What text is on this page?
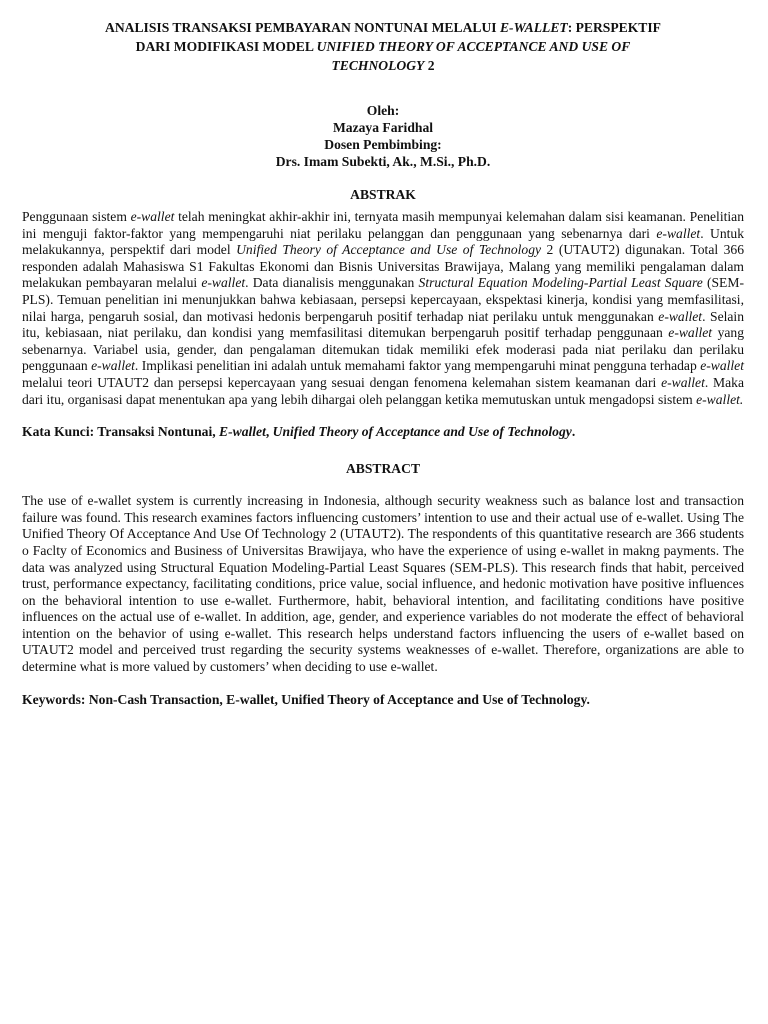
ANALISIS TRANSAKSI PEMBAYARAN NONTUNAI MELALUI E-WALLET: PERSPEKTIF
DARI MODIFIKASI MODEL UNIFIED THEORY OF ACCEPTANCE AND USE OF
TECHNOLOGY 2
Oleh:
Mazaya Faridhal
Dosen Pembimbing:
Drs. Imam Subekti, Ak., M.Si., Ph.D.
ABSTRAK

Penggunaan sistem e-wallet telah meningkat akhir-akhir ini, ternyata masih mempunyai kelemahan dalam sisi keamanan. Penelitian ini menguji faktor-faktor yang mempengaruhi niat perilaku pelanggan dan penggunaan yang sebenarnya dari e-wallet. Untuk melakukannya, perspektif dari model Unified Theory of Acceptance and Use of Technology 2 (UTAUT2) digunakan. Total 366 responden adalah Mahasiswa S1 Fakultas Ekonomi dan Bisnis Universitas Brawijaya, Malang yang memiliki pengalaman dalam melakukan pembayaran melalui e-wallet. Data dianalisis menggunakan Structural Equation Modeling-Partial Least Square (SEM-PLS). Temuan penelitian ini menunjukkan bahwa kebiasaan, persepsi kepercayaan, ekspektasi kinerja, kondisi yang memfasilitasi, nilai harga, pengaruh sosial, dan motivasi hedonis berpengaruh positif terhadap niat perilaku untuk menggunakan e-wallet. Selain itu, kebiasaan, niat perilaku, dan kondisi yang memfasilitasi ditemukan berpengaruh positif terhadap penggunaan e-wallet yang sebenarnya. Variabel usia, gender, dan pengalaman ditemukan tidak memiliki efek moderasi pada niat perilaku dan perilaku penggunaan e-wallet. Implikasi penelitian ini adalah untuk memahami faktor yang mempengaruhi minat pengguna terhadap e-wallet melalui teori UTAUT2 dan persepsi kepercayaan yang sesuai dengan fenomena kelemahan sistem keamanan dari e-wallet. Maka dari itu, organisasi dapat menentukan apa yang lebih dihargai oleh pelanggan ketika memutuskan untuk mengadopsi sistem e-wallet.

Kata Kunci: Transaksi Nontunai, E-wallet, Unified Theory of Acceptance and Use of Technology.

ABSTRACT

The use of e-wallet system is currently increasing in Indonesia, although security weakness such as balance lost and transaction failure was found. This research examines factors influencing customers’ intention to use and their actual use of e-wallet. Using The Unified Theory Of Acceptance And Use Of Technology 2 (UTAUT2). The respondents of this quantitative research are 366 students o Faclty of Economics and Business of Universitas Brawijaya, who have the experience of using e-wallet in makng payments. The data was analyzed using Structural Equation Modeling-Partial Least Squares (SEM-PLS). This research finds that habit, perceived trust, performance expectancy, facilitating conditions, price value, social influence, and hedonic motivation have positive influences on the behavioral intention to use e-wallet. Furthermore, habit, behavioral intention, and facilitating conditions have positive influences on the actual use of e-wallet. In addition, age, gender, and experience variables do not moderate the effect of behavioral intention on the behavior of using e-wallet. This research helps understand factors influencing the users of e-wallet based on UTAUT2 model and perceived trust regarding the security systems weaknesses of e-wallet. Therefore, organizations are able to determine what is more valued by customers’ when deciding to use e-wallet.

Keywords: Non-Cash Transaction, E-wallet, Unified Theory of Acceptance and Use of Technology.
